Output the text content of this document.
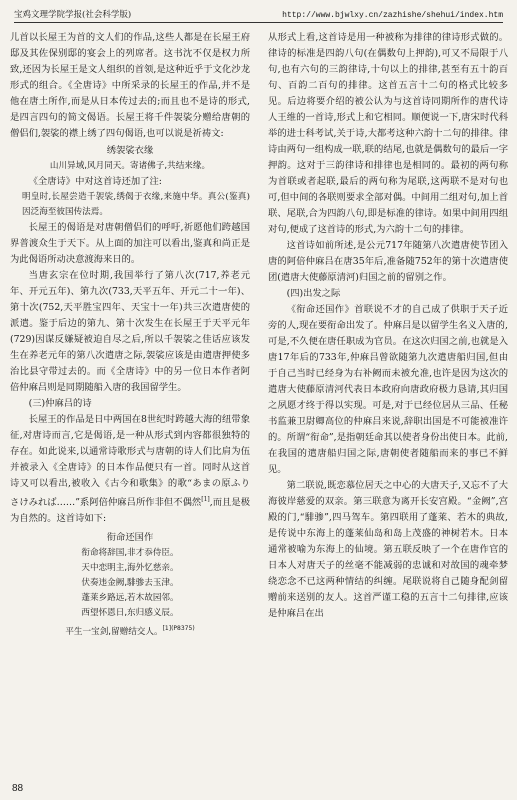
宝鸡文理学院学报(社会科学版)	http://www.bjwlxy.cn/zazhishe/shehui/index.htm

儿首以长屋王为首的文人们的作品,这些人都是在长屋王府邸及其佐保别邸的宴会上的列席者。这书沈不仅是权力所致,还因为长屋王是文人组织的首领,是这种近乎于文化沙龙形式的组合。《全唐诗》中所采录的长屋王的作品,并不是他在唐土所作,而是从日本传过去的;而且也不是诗的形式,是四言四句的简文偈语。长屋王将千件袈裟分赠给唐朝的僧侣们,袈裟的襟上绣了四句偈语,也可以说是祈祷文:

绣袈裟衣缘

山川异域,风月同天。寄诸佛子,共结来缘。

《全唐诗》中对这首诗还加了注:

明皇时,长屋尝造千袈裟,绣偈于衣缘,来施中华。真公(鉴真)因泛海至彼国传法焉。

长屋王的偈语是对唐朝僧侣们的呼吁,祈愿他们跨越国界普渡众生于天下。从上面的加注可以看出,鉴真和尚正是为此偈语所动决意渡海来日的。

当唐玄宗在位时期,我国举行了第八次(717,养老元年、开元五年)、第九次(733,天平五年、开元二十一年)、第十次(752,天平胜宝四年、天宝十一年)共三次遣唐使的派遣。鉴于后边的第九、第十次发生在长屋王于天平元年(729)因谋反嫌疑被迫自尽之后,所以千袈裟之佳话应该发生在养老元年的第八次遣唐之际,袈裟应该是由遣唐押使多治比县守带过去的。而《全唐诗》中的另一位日本作者阿倍仲麻吕则是同期随船入唐的我国留学生。

(三)仲麻吕的诗

长屋王的作品是日中两国在8世纪时跨越大海的纽带象征,对唐诗而言,它是偈语,是一种从形式到内容都很独特的存在。如此说来,以通常诗歌形式与唐朝的诗人们比肩为伍并被录入《全唐诗》的日本作品便只有一首。同时从这首诗又可以看出,被收入《古今和歌集》的歌“あまの原ふりさけみれば……”系阿倍仲麻吕所作非但不偶然[1],而且是极为自然的。这首诗如下:

衔命还国作

衔命将辞国,非才忝侍臣。

天中恋明主,海外忆慈亲。

伏奏违金阙,騑骖去玉津。

蓬莱乡路远,若木故园邻。

西望怀恩日,东归感义辰。

平生一宝剑,留赠结交人。$^{[1](P8375)}$

从形式上看,这首诗是用一种被称为排律的律诗形式做的。律诗的标准是四韵八句(在偶数句上押韵),可又不局限于八句,也有六句的三韵律诗,十句以上的排律,甚至有五十韵百句、百韵二百句的排律。这首五言十二句的格式比较多见。后边将要介绍的被公认为与这首诗同期所作的唐代诗人王维的一首诗,形式上和它相同。顺便说一下,唐宋时代科举的进士科考试,关于诗,大都考这种六韵十二句的排律。律诗由两句一组构成一联,联的结尾,也就是偶数句的最后一字押韵。这对于三韵律诗和排律也是相同的。最初的两句称为首联或者起联,最后的两句称为尾联,这两联不是对句也可,但中间的各联则要求全部对偶。中间用二组对句,加上首联、尾联,合为四韵八句,即是标准的律诗。如果中间用四组对句,便成了这首诗的形式,为六韵十二句的排律。

这首诗如前所述,是公元717年随第八次遣唐使节团入唐的阿倍仲麻吕在唐35年后,准备随752年的第十次遣唐使团(遣唐大使藤原清河)归国之前的留别之作。

(四)出发之际

《衔命还国作》首联说不才的自己成了供职于天子近旁的人,现在要衔命出发了。仲麻吕是以留学生名义入唐的,可是,不久便在唐任职成为官员。在这次归国之前,也就是入唐17年后的733年,仲麻吕曾欲随第九次遣唐船归国,但由于自己当时已经身为右补阙而未被允准,也许是因为这次的遣唐大使藤原清河代表日本政府向唐政府极力恳请,其归国之夙愿才终于得以实现。可是,对于已经位居从三品、任秘书监兼卫尉卿高位的仲麻吕来说,辞职出国是不可能被准许的。所谓“衔命”,是指朝廷命其以使者身份出使日本。此前,在我国的遣唐船归国之际,唐朝使者随船而来的事已不鲜见。

第二联说,既恋慕位居天之中心的大唐天子,又忘不了大海彼岸慈爱的双亲。第三联意为离开长安宫殿。“金阙”,宫殿的门,“騑骖”,四马驾车。第四联用了蓬莱、若木的典故,是传说中东海上的蓬莱仙岛和岛上茂盛的神树若木。日本通常被喻为东海上的仙境。第五联反映了一个在唐作官的日本人对唐天子的丝毫不能减弱的忠诚和对故国的魂牵梦绕恋念不已这两种情结的纠缠。尾联说将自己随身配剑留赠前来送别的友人。这首严谨工稳的五言十二句排律,应该是仲麻吕在出

88
